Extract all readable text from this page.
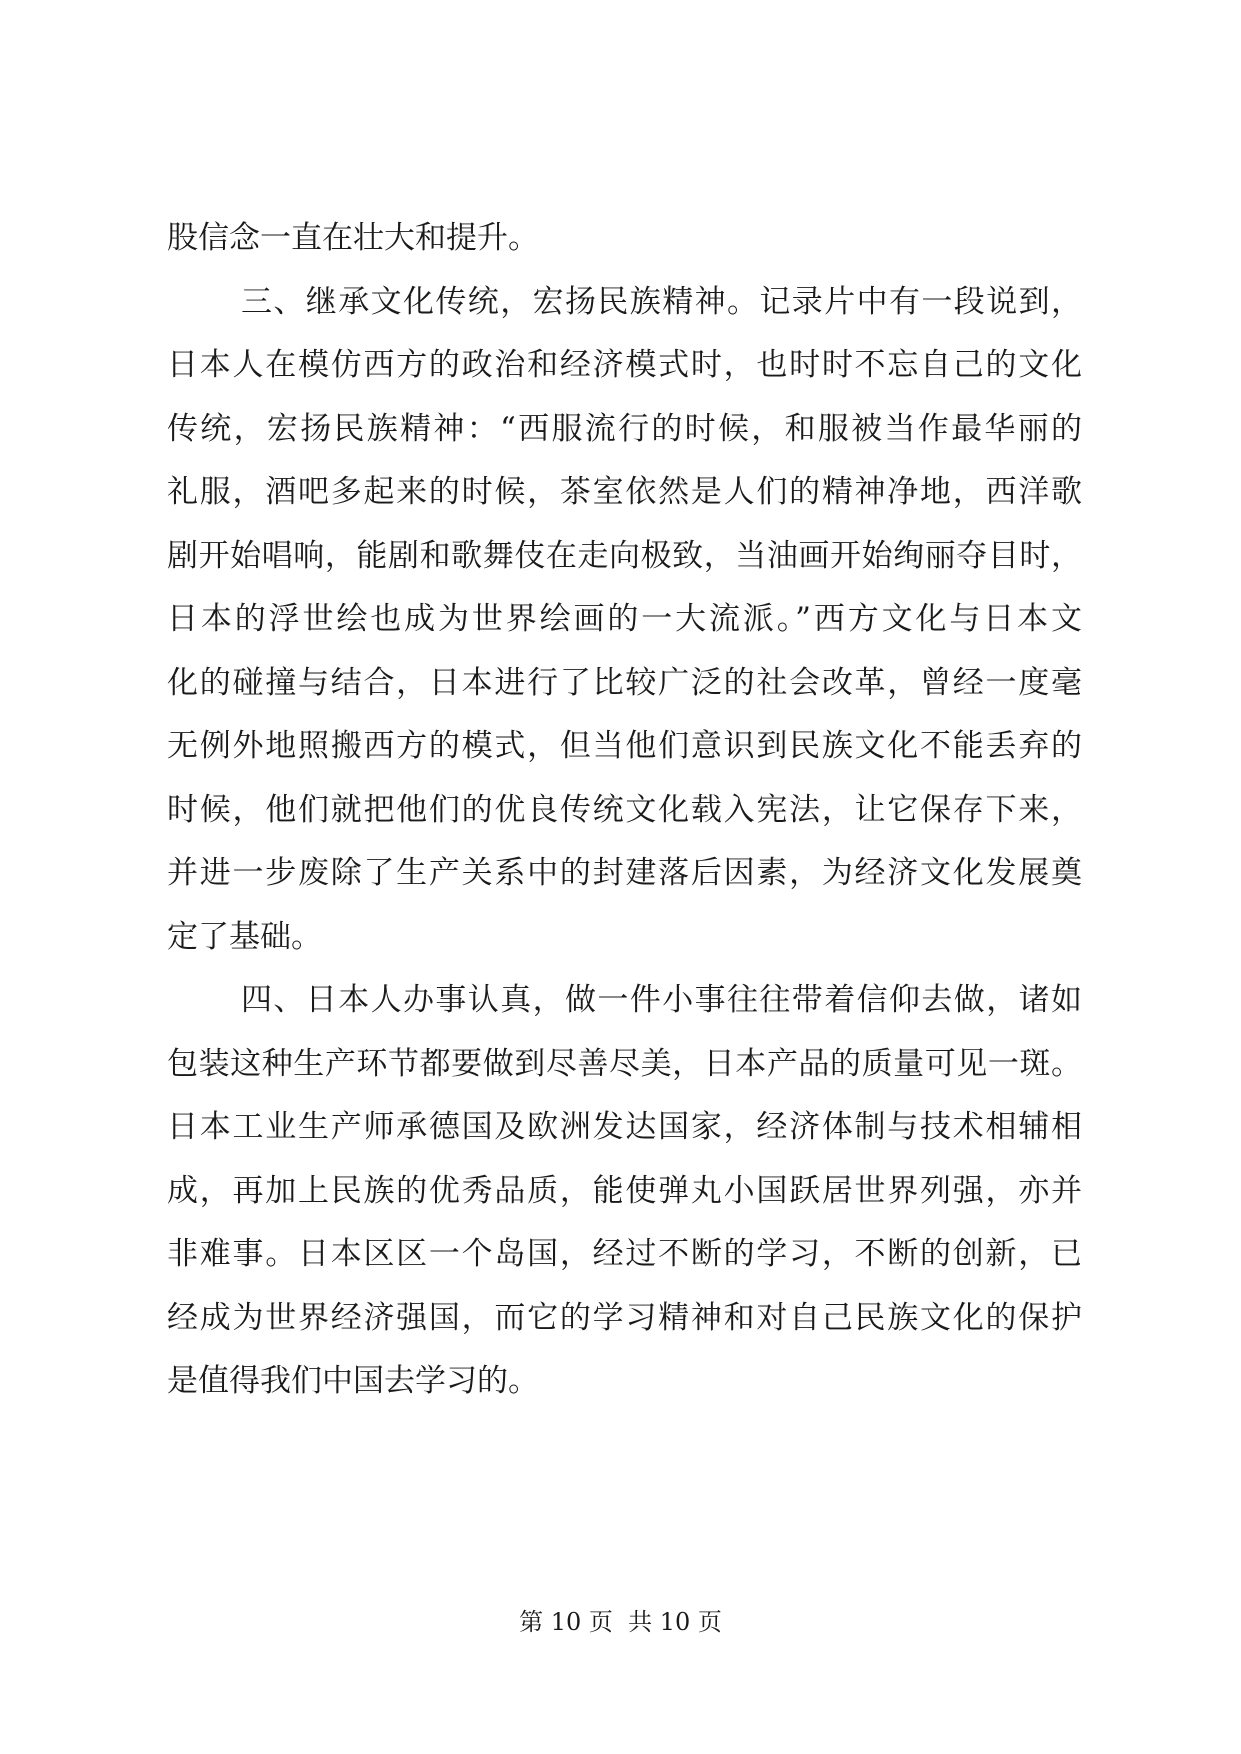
股信念一直在壮大和提升。
三、继承文化传统，宏扬民族精神。记录片中有一段说到，
日本人在模仿西方的政治和经济模式时，也时时不忘自己的文化
传统，宏扬民族精神：“西服流行的时候，和服被当作最华丽的
礼服，酒吧多起来的时候，茶室依然是人们的精神净地，西洋歌
剧开始唱响，能剧和歌舞伎在走向极致，当油画开始绚丽夺目时，
日本的浮世绘也成为世界绘画的一大流派。”西方文化与日本文
化的碰撞与结合，日本进行了比较广泛的社会改革，曾经一度毫
无例外地照搬西方的模式，但当他们意识到民族文化不能丢弃的
时候，他们就把他们的优良传统文化载入宪法，让它保存下来，
并进一步废除了生产关系中的封建落后因素，为经济文化发展奠
定了基础。
四、日本人办事认真，做一件小事往往带着信仰去做，诸如
包装这种生产环节都要做到尽善尽美，日本产品的质量可见一斑。
日本工业生产师承德国及欧洲发达国家，经济体制与技术相辅相
成，再加上民族的优秀品质，能使弹丸小国跃居世界列强，亦并
非难事。日本区区一个岛国，经过不断的学习，不断的创新，已
经成为世界经济强国，而它的学习精神和对自己民族文化的保护
是值得我们中国去学习的。
第 10 页  共 10 页
